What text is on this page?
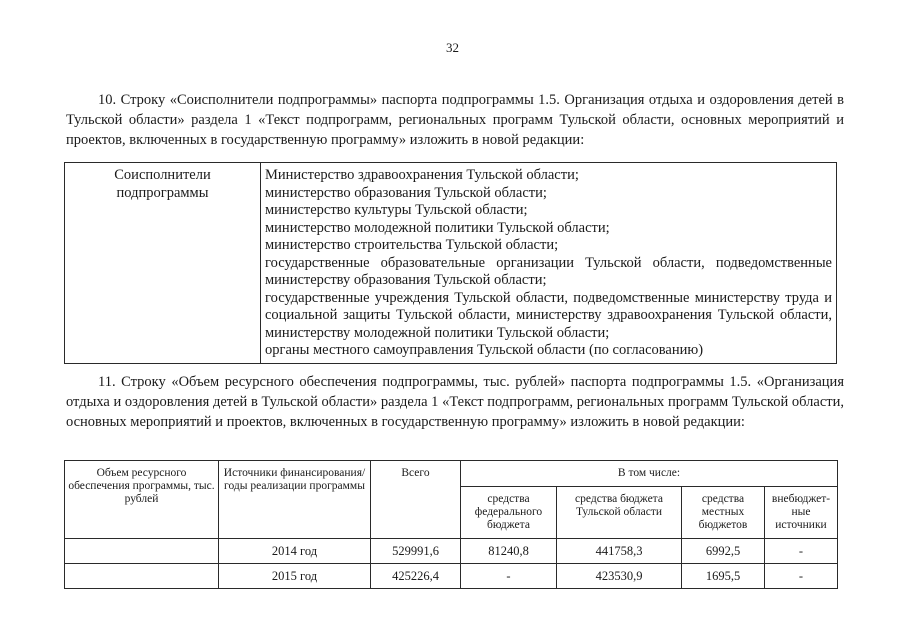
32

10. Строку «Соисполнители подпрограммы» паспорта подпрограммы 1.5. Организация отдыха и оздоровления детей в Тульской области» раздела 1 «Текст подпрограмм, региональных программ Тульской области, основных мероприятий и проектов, включенных в государственную программу» изложить в новой редакции:

Соисполнители подпрограммы	
Министерство здравоохранения Тульской области;
министерство образования Тульской области;
министерство культуры Тульской области;
министерство молодежной политики Тульской области;
министерство строительства Тульской области;
государственные образовательные организации Тульской области, подведомственные министерству образования Тульской области;
государственные учреждения Тульской области, подведомственные министерству труда и социальной защиты Тульской области, министерству здравоохранения Тульской области, министерству молодежной политики Тульской области;
органы местного самоуправления Тульской области (по согласованию)

11. Строку «Объем ресурсного обеспечения подпрограммы, тыс. рублей» паспорта подпрограммы 1.5. «Организация отдыха и оздоровления детей в Тульской области» раздела 1 «Текст подпрограмм, региональных программ Тульской области, основных мероприятий и проектов, включенных в государственную программу» изложить в новой редакции:

Объем ресурсного обеспечения программы, тыс. рублей	Источники финансирования/годы реализации программы	Всего	В том числе:			
			средства федерального бюджета	средства бюджета Тульской области	средства местных бюджетов	внебюджет-ные источники
	2014 год	529991,6	81240,8	441758,3	6992,5	-
	2015 год	425226,4	-	423530,9	1695,5	-
